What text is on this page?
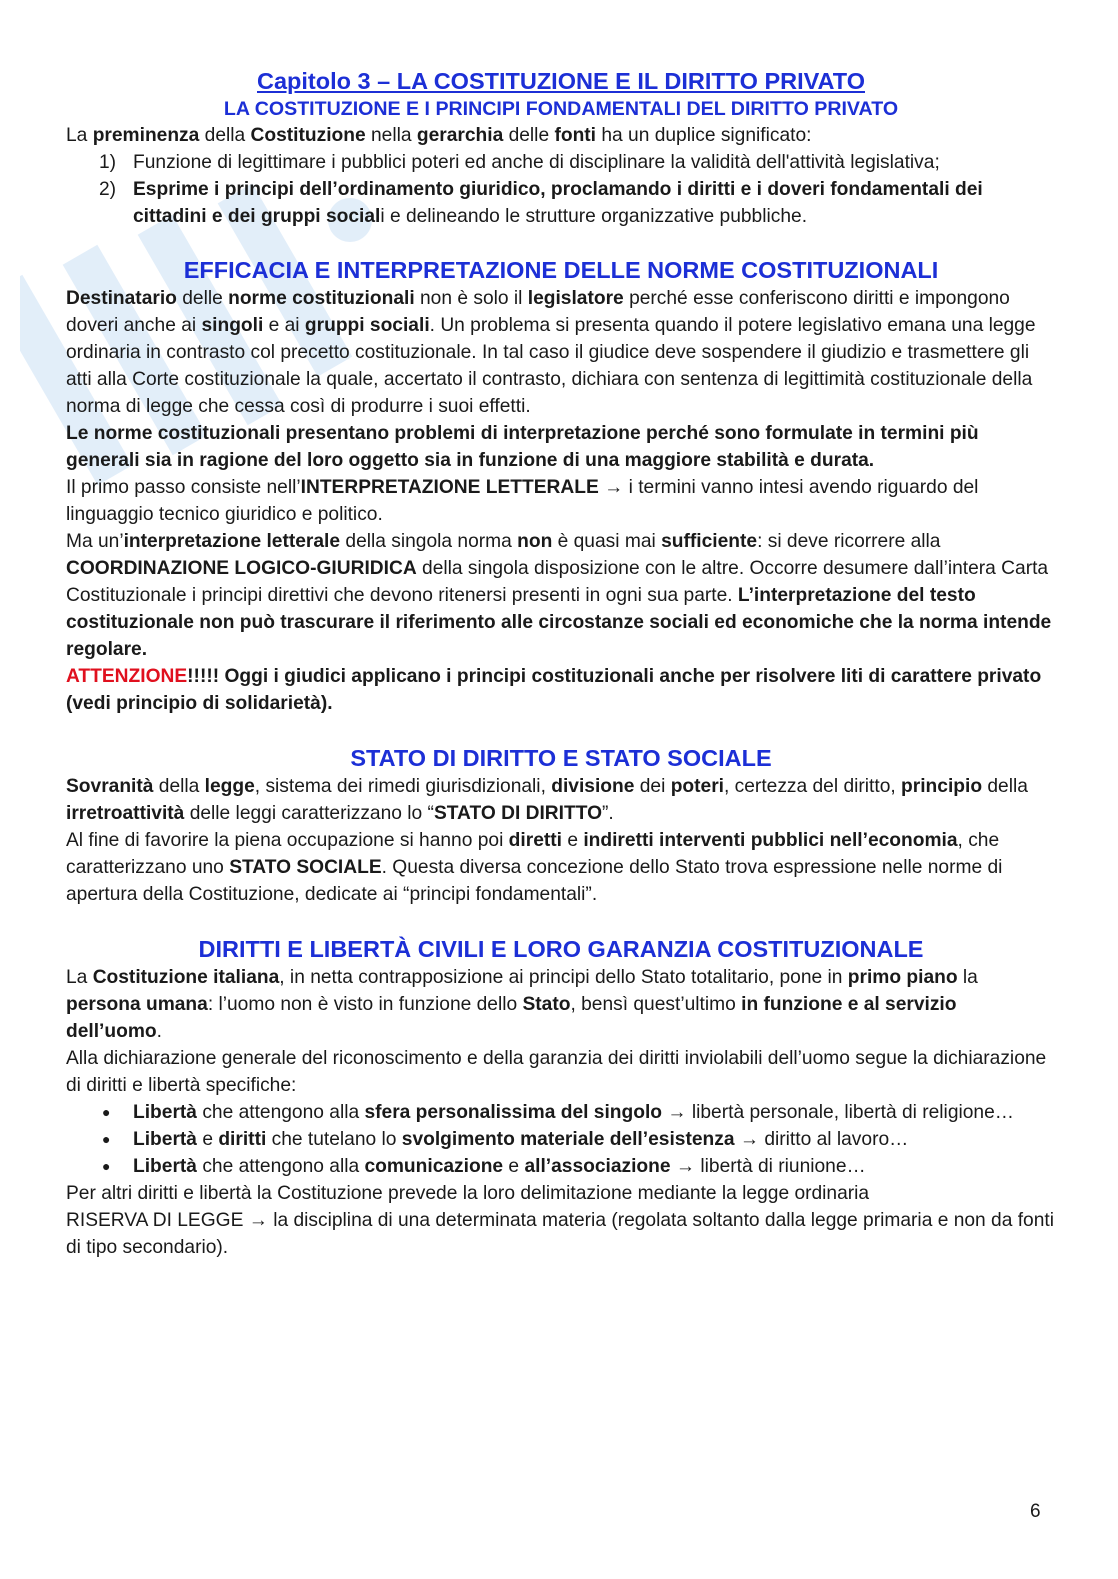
Capitolo 3 – LA COSTITUZIONE E IL DIRITTO PRIVATO
LA COSTITUZIONE E I PRINCIPI FONDAMENTALI DEL DIRITTO PRIVATO

La preminenza della Costituzione nella gerarchia delle fonti ha un duplice significato:

1) Funzione di legittimare i pubblici poteri ed anche di disciplinare la validità dell'attività legislativa;
2) Esprime i principi dell’ordinamento giuridico, proclamando i diritti e i doveri fondamentali dei cittadini e dei gruppi sociali e delineando le strutture organizzative pubbliche.
EFFICACIA E INTERPRETAZIONE DELLE NORME COSTITUZIONALI

Destinatario delle norme costituzionali non è solo il legislatore perché esse conferiscono diritti e impongono doveri anche ai singoli e ai gruppi sociali. Un problema si presenta quando il potere legislativo emana una legge ordinaria in contrasto col precetto costituzionale. In tal caso il giudice deve sospendere il giudizio e trasmettere gli atti alla Corte costituzionale la quale, accertato il contrasto, dichiara con sentenza di legittimità costituzionale della norma di legge che cessa così di produrre i suoi effetti.

Le norme costituzionali presentano problemi di interpretazione perché sono formulate in termini più generali sia in ragione del loro oggetto sia in funzione di una maggiore stabilità e durata.

Il primo passo consiste nell’INTERPRETAZIONE LETTERALE → i termini vanno intesi avendo riguardo del linguaggio tecnico giuridico e politico.

Ma un’interpretazione letterale della singola norma non è quasi mai sufficiente: si deve ricorrere alla COORDINAZIONE LOGICO-GIURIDICA della singola disposizione con le altre. Occorre desumere dall’intera Carta Costituzionale i principi direttivi che devono ritenersi presenti in ogni sua parte. L’interpretazione del testo costituzionale non può trascurare il riferimento alle circostanze sociali ed economiche che la norma intende regolare.

ATTENZIONE!!!!! Oggi i giudici applicano i principi costituzionali anche per risolvere liti di carattere privato (vedi principio di solidarietà).

STATO DI DIRITTO E STATO SOCIALE

Sovranità della legge, sistema dei rimedi giurisdizionali, divisione dei poteri, certezza del diritto, principio della irretroattività delle leggi caratterizzano lo “STATO DI DIRITTO”.

Al fine di favorire la piena occupazione si hanno poi diretti e indiretti interventi pubblici nell’economia, che caratterizzano uno STATO SOCIALE. Questa diversa concezione dello Stato trova espressione nelle norme di apertura della Costituzione, dedicate ai “principi fondamentali”.

DIRITTI E LIBERTÀ CIVILI E LORO GARANZIA COSTITUZIONALE

La Costituzione italiana, in netta contrapposizione ai principi dello Stato totalitario, pone in primo piano la persona umana: l’uomo non è visto in funzione dello Stato, bensì quest’ultimo in funzione e al servizio dell’uomo.

Alla dichiarazione generale del riconoscimento e della garanzia dei diritti inviolabili dell’uomo segue la dichiarazione di diritti e libertà specifiche:

● Libertà che attengono alla sfera personalissima del singolo → libertà personale, libertà di religione…
● Libertà e diritti che tutelano lo svolgimento materiale dell’esistenza → diritto al lavoro…
● Libertà che attengono alla comunicazione e all’associazione → libertà di riunione…

Per altri diritti e libertà la Costituzione prevede la loro delimitazione mediante la legge ordinaria

RISERVA DI LEGGE → la disciplina di una determinata materia (regolata soltanto dalla legge primaria e non da fonti di tipo secondario).

6
